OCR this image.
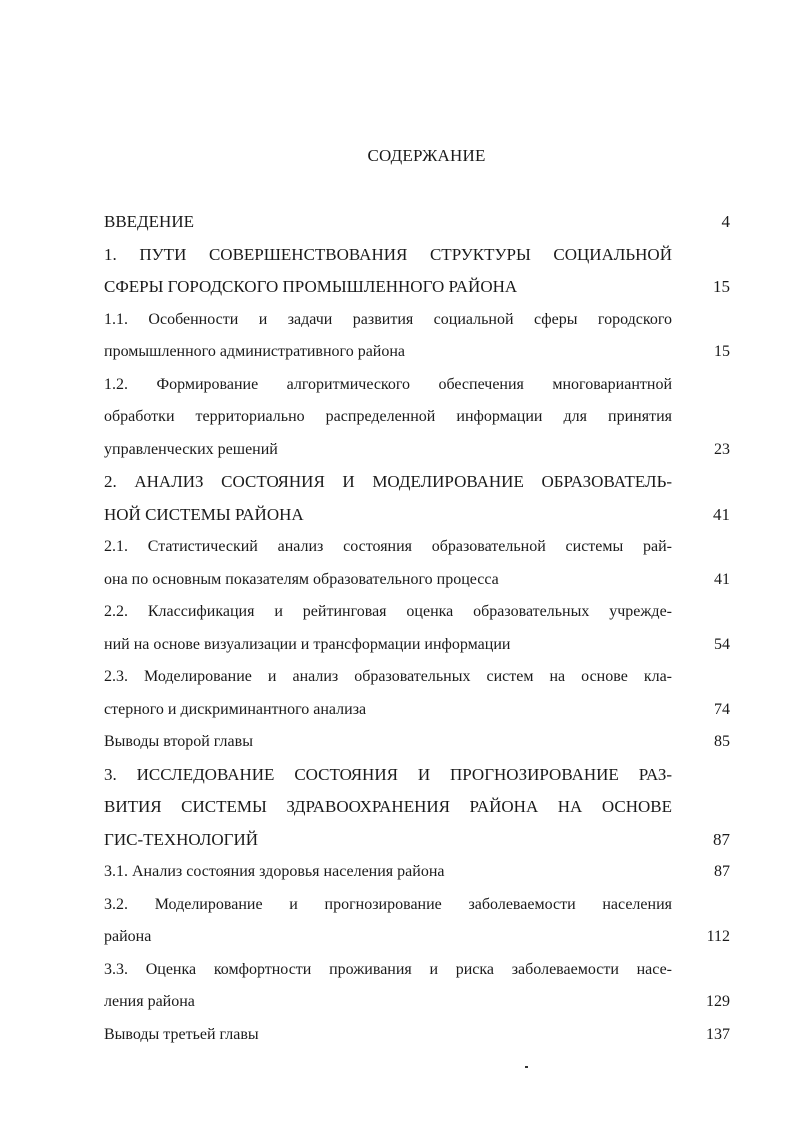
СОДЕРЖАНИЕ
ВВЕДЕНИЕ	4
1. ПУТИ СОВЕРШЕНСТВОВАНИЯ СТРУКТУРЫ СОЦИАЛЬНОЙ
СФЕРЫ ГОРОДСКОГО ПРОМЫШЛЕННОГО РАЙОНА	15
1.1. Особенности и задачи развития социальной сферы городского
промышленного административного района	15
1.2. Формирование алгоритмического обеспечения многовариантной
обработки территориально распределенной информации для принятия
управленческих решений	23
2. АНАЛИЗ СОСТОЯНИЯ И МОДЕЛИРОВАНИЕ ОБРАЗОВАТЕЛЬ-
НОЙ СИСТЕМЫ РАЙОНА	41
2.1. Статистический анализ состояния образовательной системы рай-
она по основным показателям образовательного процесса	41
2.2. Классификация и рейтинговая оценка образовательных учрежде-
ний на основе визуализации и трансформации информации	54
2.3. Моделирование и анализ образовательных систем на основе кла-
стерного и дискриминантного анализа	74
Выводы второй главы	85
3. ИССЛЕДОВАНИЕ СОСТОЯНИЯ И ПРОГНОЗИРОВАНИЕ РАЗ-
ВИТИЯ СИСТЕМЫ ЗДРАВООХРАНЕНИЯ РАЙОНА НА ОСНОВЕ
ГИС-ТЕХНОЛОГИЙ	87
3.1. Анализ состояния здоровья населения района	87
3.2. Моделирование и прогнозирование заболеваемости населения
района	112
3.3. Оценка комфортности проживания и риска заболеваемости насе-
ления района	129
Выводы третьей главы	137
